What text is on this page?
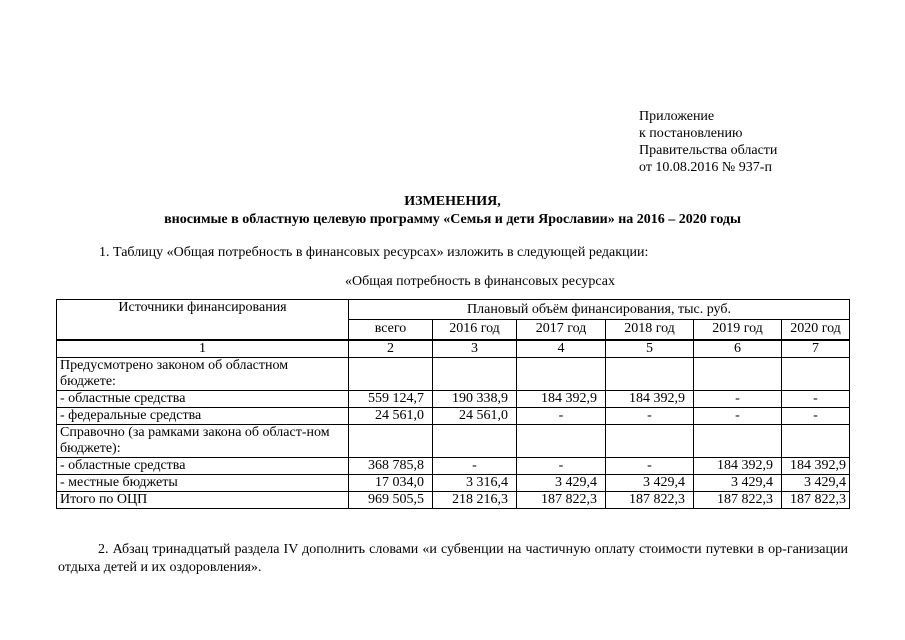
Приложение
к постановлению
Правительства области
от 10.08.2016 № 937-п
ИЗМЕНЕНИЯ,
вносимые в областную целевую программу «Семья и дети Ярославии» на 2016 – 2020 годы
1. Таблицу «Общая потребность в финансовых ресурсах» изложить в следующей редакции:
«Общая потребность в финансовых ресурсах
Источники финансирования	Плановый объём финансирования, тыс. руб.					
	всего	2016 год	2017 год	2018 год	2019 год	2020 год
1	2	3	4	5	6	7
Предусмотрено законом об областном бюджете:						
- областные средства	559 124,7	190 338,9	184 392,9	184 392,9	-	-
- федеральные средства	24 561,0	24 561,0	-	-	-	-
Справочно (за рамками закона об област-ном бюджете):						
- областные средства	368 785,8	-	-	-	184 392,9	184 392,9
- местные бюджеты	17 034,0	3 316,4	3 429,4	3 429,4	3 429,4	3 429,4
Итого по ОЦП	969 505,5	218 216,3	187 822,3	187 822,3	187 822,3	187 822,3
2. Абзац тринадцатый раздела IV дополнить словами «и субвенции на частичную оплату стоимости путевки в ор-ганизации отдыха детей и их оздоровления».
